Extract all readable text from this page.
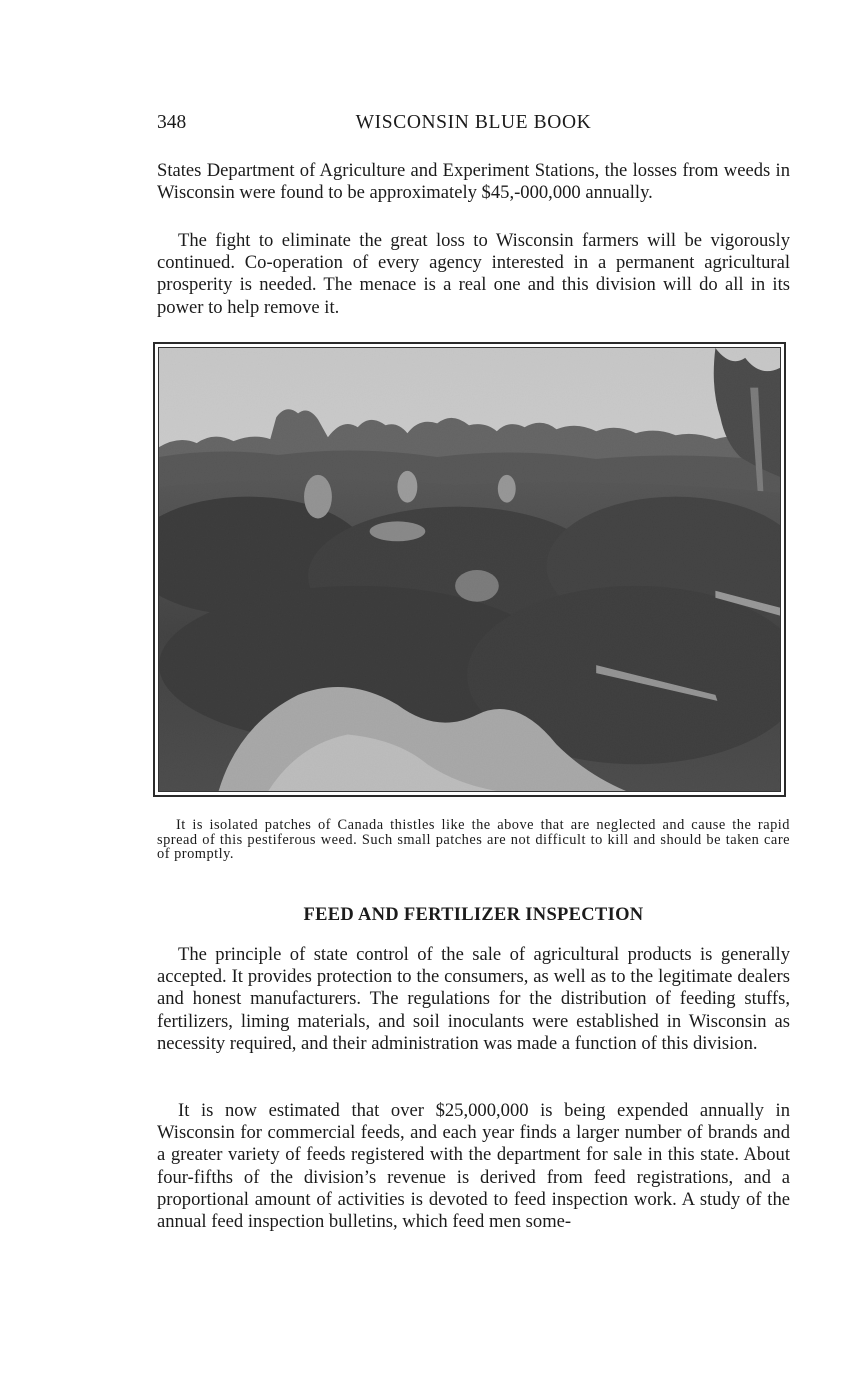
348	WISCONSIN BLUE BOOK

States Department of Agriculture and Experiment Stations, the losses from weeds in Wisconsin were found to be approximately $45,-000,000 annually.

The fight to eliminate the great loss to Wisconsin farmers will be vigorously continued. Co-operation of every agency interested in a permanent agricultural prosperity is needed. The menace is a real one and this division will do all in its power to help remove it.

It is isolated patches of Canada thistles like the above that are neglected and cause the rapid spread of this pestiferous weed. Such small patches are not difficult to kill and should be taken care of promptly.

FEED AND FERTILIZER INSPECTION

The principle of state control of the sale of agricultural products is generally accepted. It provides protection to the consumers, as well as to the legitimate dealers and honest manufacturers. The regulations for the distribution of feeding stuffs, fertilizers, liming materials, and soil inoculants were established in Wisconsin as necessity required, and their administration was made a function of this division.

It is now estimated that over $25,000,000 is being expended annually in Wisconsin for commercial feeds, and each year finds a larger number of brands and a greater variety of feeds registered with the department for sale in this state. About four-fifths of the division’s revenue is derived from feed registrations, and a proportional amount of activities is devoted to feed inspection work. A study of the annual feed inspection bulletins, which feed men some-
